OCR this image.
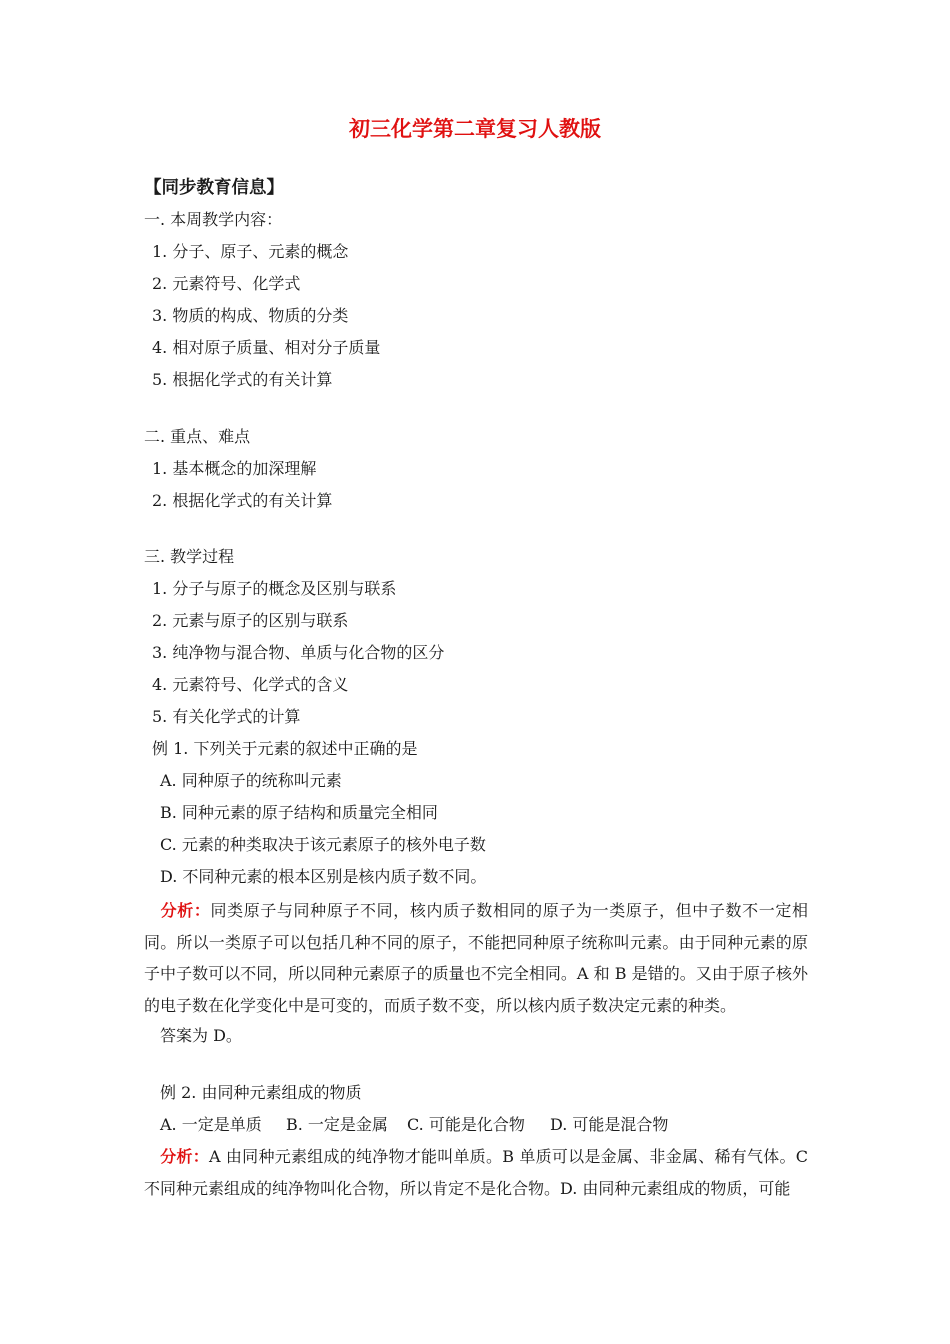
初三化学第二章复习人教版
【同步教育信息】
一. 本周教学内容：
1. 分子、原子、元素的概念
2. 元素符号、化学式
3. 物质的构成、物质的分类
4. 相对原子质量、相对分子质量
5. 根据化学式的有关计算
二. 重点、难点
1. 基本概念的加深理解
2. 根据化学式的有关计算
三. 教学过程
1. 分子与原子的概念及区别与联系
2. 元素与原子的区别与联系
3. 纯净物与混合物、单质与化合物的区分
4. 元素符号、化学式的含义
5. 有关化学式的计算
例 1. 下列关于元素的叙述中正确的是
A. 同种原子的统称叫元素
B. 同种元素的原子结构和质量完全相同
C. 元素的种类取决于该元素原子的核外电子数
D. 不同种元素的根本区别是核内质子数不同。
分析：同类原子与同种原子不同，核内质子数相同的原子为一类原子，但中子数不一定相同。所以一类原子可以包括几种不同的原子，不能把同种原子统称叫元素。由于同种元素的原子中子数可以不同，所以同种元素原子的质量也不完全相同。A 和 B 是错的。又由于原子核外的电子数在化学变化中是可变的，而质子数不变，所以核内质子数决定元素的种类。
答案为 D。
例 2. 由同种元素组成的物质
A. 一定是单质 B. 一定是金属 C. 可能是化合物 D. 可能是混合物
分析：A 由同种元素组成的纯净物才能叫单质。B 单质可以是金属、非金属、稀有气体。C 不同种元素组成的纯净物叫化合物，所以肯定不是化合物。D. 由同种元素组成的物质，可能
